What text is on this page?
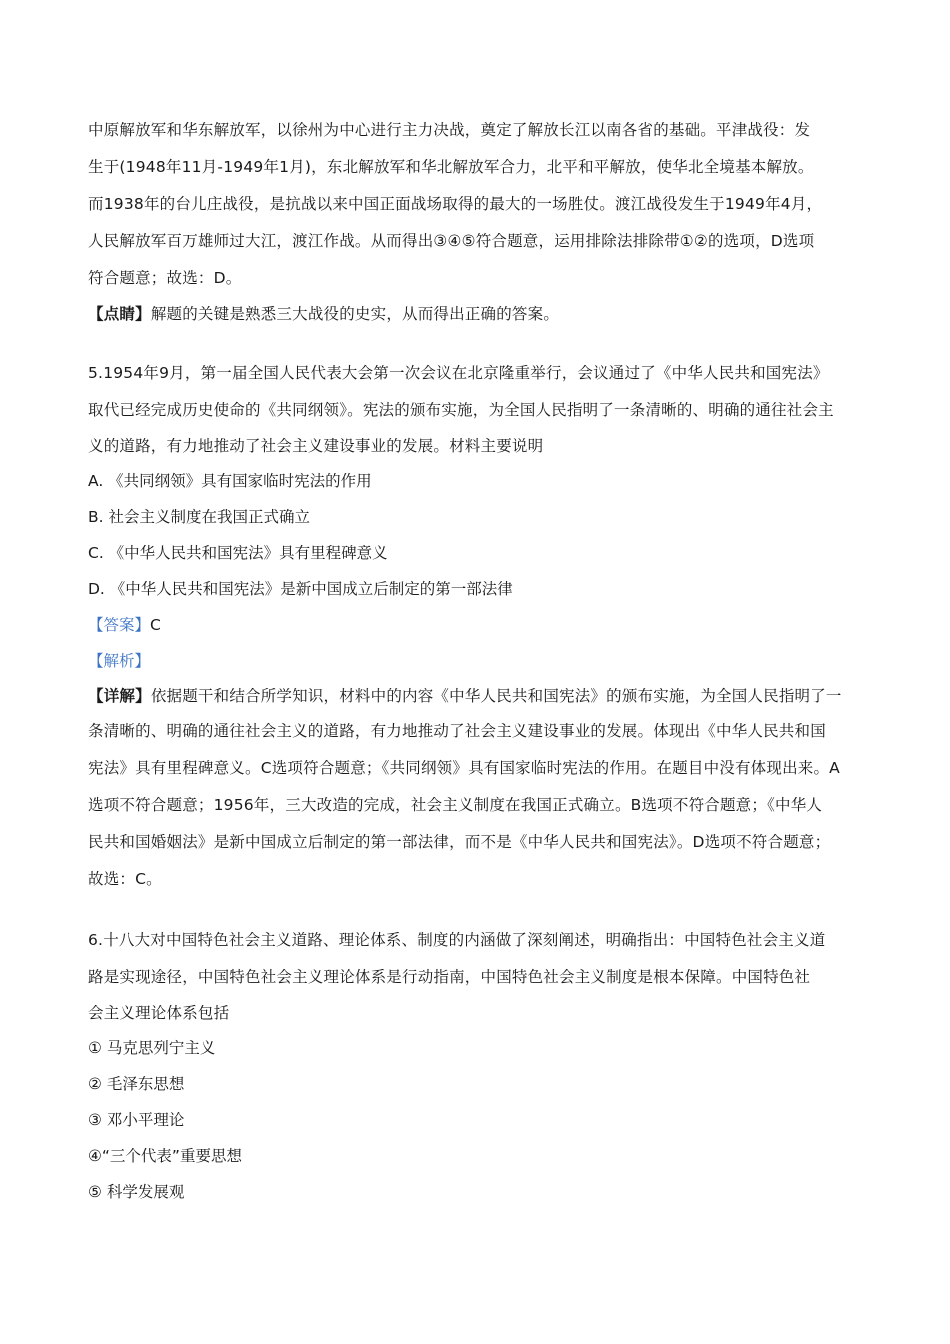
中原解放军和华东解放军，以徐州为中心进行主力决战，奠定了解放长江以南各省的基础。平津战役：发
生于(1948年11月-1949年1月)，东北解放军和华北解放军合力，北平和平解放，使华北全境基本解放。
而1938年的台儿庄战役，是抗战以来中国正面战场取得的最大的一场胜仗。渡江战役发生于1949年4月，
人民解放军百万雄师过大江，渡江作战。从而得出③④⑤符合题意，运用排除法排除带①②的选项，D选项
符合题意；故选：D。
【点睛】解题的关键是熟悉三大战役的史实，从而得出正确的答案。
5.1954年9月，第一届全国人民代表大会第一次会议在北京隆重举行，会议通过了《中华人民共和国宪法》
取代已经完成历史使命的《共同纲领》。宪法的颁布实施，为全国人民指明了一条清晰的、明确的通往社会主
义的道路，有力地推动了社会主义建设事业的发展。材料主要说明
A. 《共同纲领》具有国家临时宪法的作用
B. 社会主义制度在我国正式确立
C. 《中华人民共和国宪法》具有里程碑意义
D. 《中华人民共和国宪法》是新中国成立后制定的第一部法律
【答案】C
【解析】
【详解】依据题干和结合所学知识，材料中的内容《中华人民共和国宪法》的颁布实施，为全国人民指明了一
条清晰的、明确的通往社会主义的道路，有力地推动了社会主义建设事业的发展。体现出《中华人民共和国
宪法》具有里程碑意义。C选项符合题意；《共同纲领》具有国家临时宪法的作用。在题目中没有体现出来。A
选项不符合题意；1956年，三大改造的完成，社会主义制度在我国正式确立。B选项不符合题意；《中华人
民共和国婚姻法》是新中国成立后制定的第一部法律，而不是《中华人民共和国宪法》。D选项不符合题意；
故选：C。
6.十八大对中国特色社会主义道路、理论体系、制度的内涵做了深刻阐述，明确指出：中国特色社会主义道
路是实现途径，中国特色社会主义理论体系是行动指南，中国特色社会主义制度是根本保障。中国特色社
会主义理论体系包括
① 马克思列宁主义
② 毛泽东思想
③ 邓小平理论
④“三个代表”重要思想
⑤ 科学发展观
